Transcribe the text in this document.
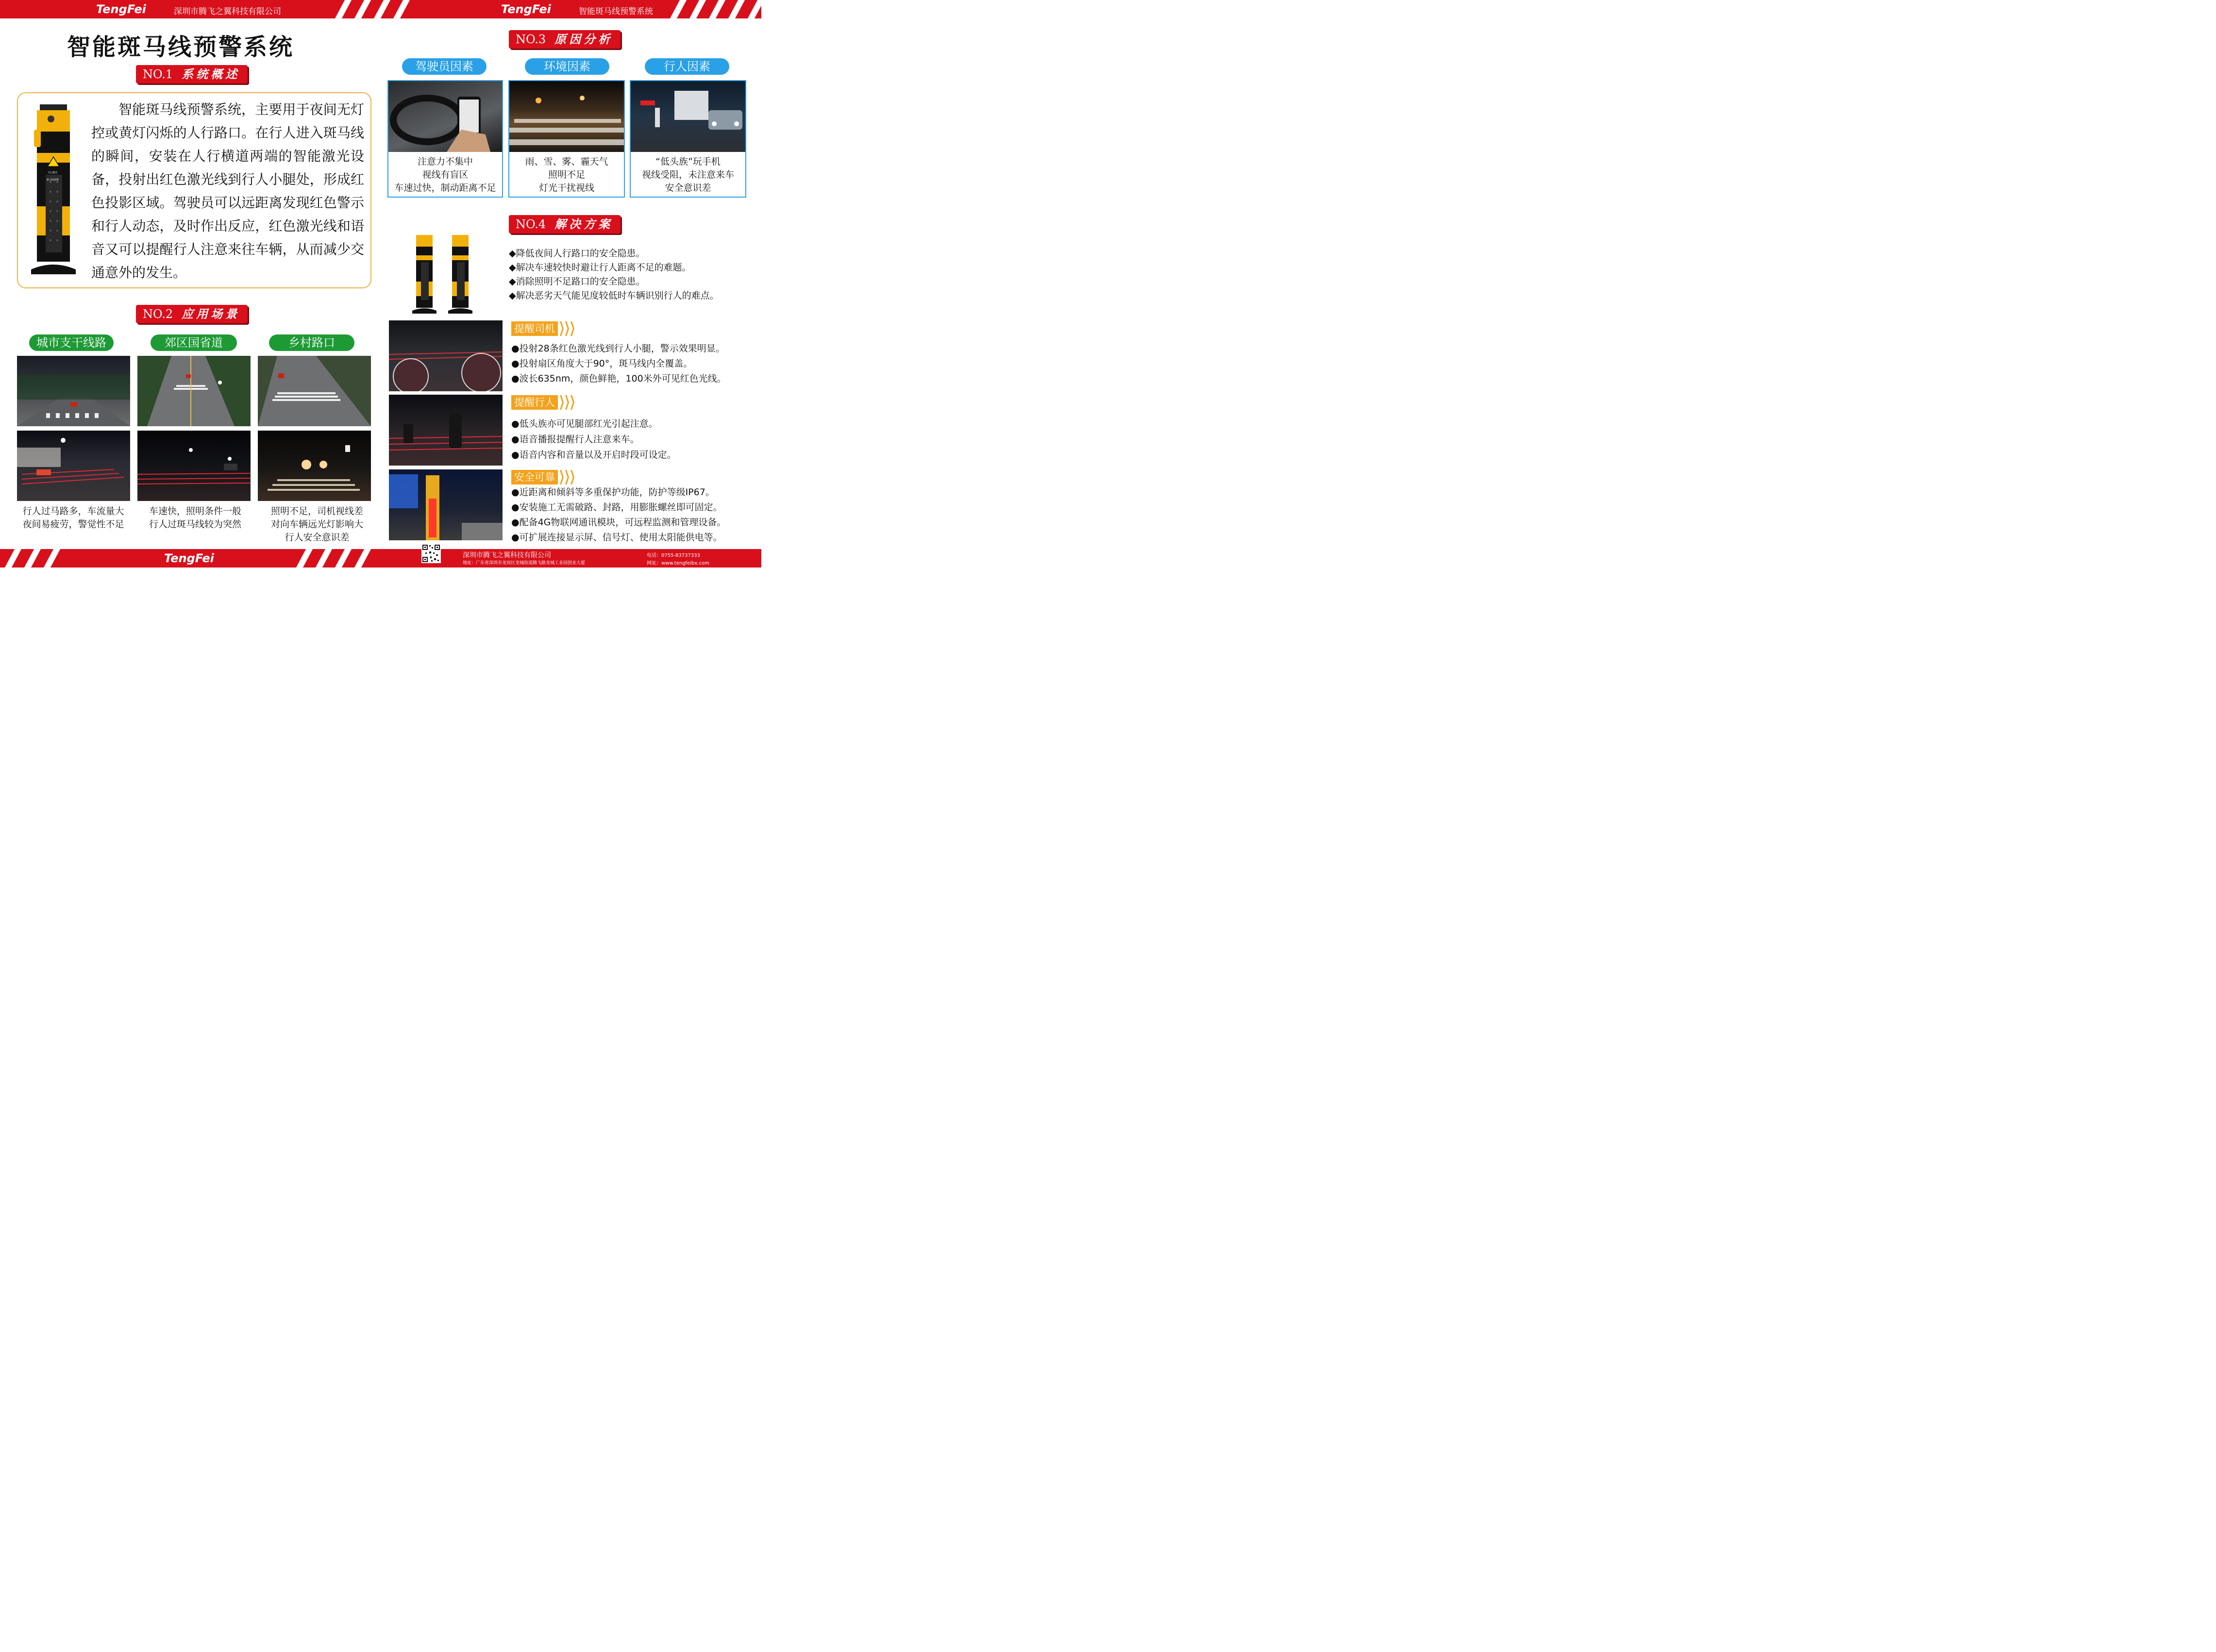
TengFei	深圳市腾飞之翼科技有限公司	TengFei	智能斑马线预警系统
智能斑马线预警系统
NO.1 系统概述
当心激光
斑马线预警
智能斑马线预警系统，主要用于夜间无灯控或黄灯闪烁的人行路口。在行人进入斑马线的瞬间，安装在人行横道两端的智能激光设备，投射出红色激光线到行人小腿处，形成红色投影区域。驾驶员可以远距离发现红色警示和行人动态，及时作出反应，红色激光线和语音又可以提醒行人注意来往车辆，从而减少交通意外的发生。
NO.2 应用场景
城市支干线路	郊区国省道	乡村路口
行人过马路多，车流量大
夜间易疲劳，警觉性不足
车速快，照明条件一般
行人过斑马线较为突然
照明不足，司机视线差
对向车辆远光灯影响大
行人安全意识差
NO.3 原因分析
驾驶员因素	环境因素	行人因素
注意力不集中
视线有盲区
车速过快，制动距离不足
雨、雪、雾、霾天气
照明不足
灯光干扰视线
“低头族”玩手机
视线受阻，未注意来车
安全意识差
NO.4 解决方案
◆降低夜间人行路口的安全隐患。
◆解决车速较快时避让行人距离不足的难题。
◆消除照明不足路口的安全隐患。
◆解决恶劣天气能见度较低时车辆识别行人的难点。
提醒司机
●投射28条红色激光线到行人小腿，警示效果明显。
●投射扇区角度大于90°，斑马线内全覆盖。
●波长635nm，颜色鲜艳，100米外可见红色光线。
提醒行人
●低头族亦可见腿部红光引起注意。
●语音播报提醒行人注意来车。
●语音内容和音量以及开启时段可设定。
安全可靠
●近距离和倾斜等多重保护功能，防护等级IP67。
●安装施工无需破路、封路，用膨胀螺丝即可固定。
●配备4G物联网通讯模块，可远程监测和管理设备。
●可扩展连接显示屏、信号灯、使用太阳能供电等。
TengFei	深圳市腾飞之翼科技有限公司
地址：广东省深圳市龙岗区龙城街道腾飞路龙城工业园创业大厦
电话：0755-83737333
网址：www.tengfeibx.com
